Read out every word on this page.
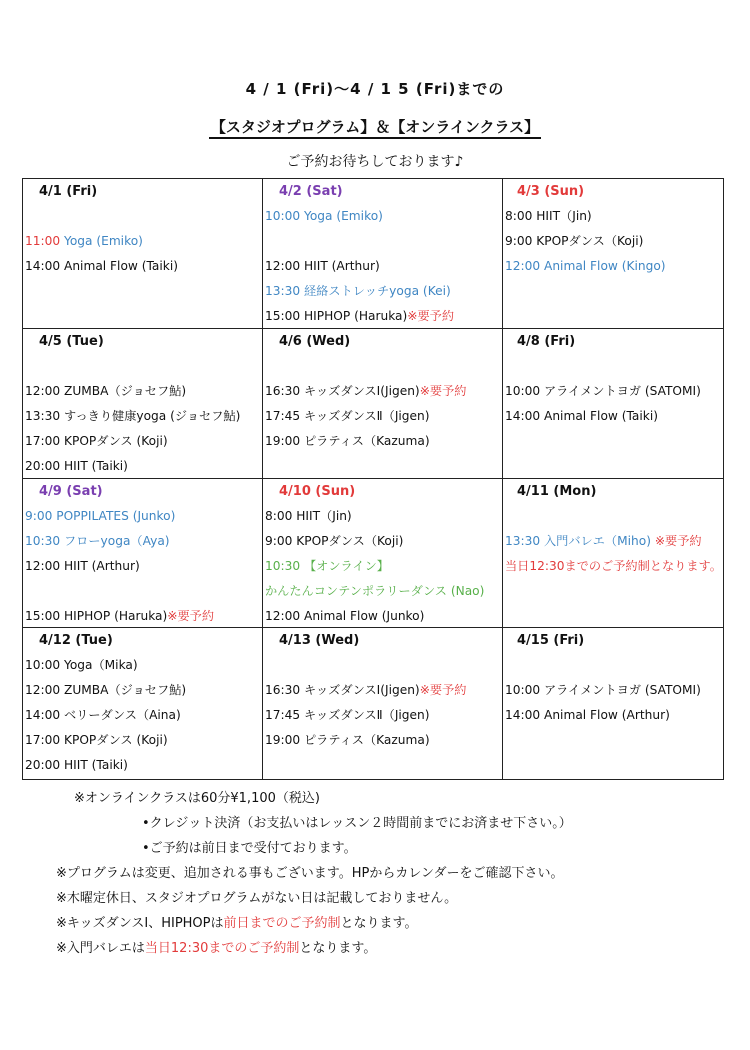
4 / 1 (Fri)～4 / 1 5 (Fri)までの
【スタジオプログラム】＆【オンラインクラス】
ご予約お待ちしております♪
4/1 (Fri)
11:00 Yoga (Emiko)
14:00 Animal Flow (Taiki)
4/2 (Sat)
10:00 Yoga (Emiko)
12:00 HIIT (Arthur)
13:30 経絡ストレッチyoga (Kei)
15:00 HIPHOP (Haruka)※要予約
4/3 (Sun)
8:00 HIIT（Jin)
9:00 KPOPダンス（Koji)
12:00 Animal Flow (Kingo)
4/5 (Tue)
12:00 ZUMBA（ジョセフ鮎)
13:30 すっきり健康yoga (ジョセフ鮎)
17:00 KPOPダンス (Koji)
20:00 HIIT (Taiki)
4/6 (Wed)
16:30 キッズダンスⅠ(Jigen)※要予約
17:45 キッズダンスⅡ（Jigen)
19:00 ピラティス（Kazuma)
4/8 (Fri)
10:00 アライメントヨガ (SATOMI)
14:00 Animal Flow (Taiki)
4/9 (Sat)
9:00 POPPILATES (Junko)
10:30 フローyoga（Aya)
12:00 HIIT (Arthur)
15:00 HIPHOP (Haruka)※要予約
4/10 (Sun)
8:00 HIIT（Jin)
9:00 KPOPダンス（Koji)
10:30 【オンライン】
かんたんコンテンポラリーダンス (Nao)
12:00 Animal Flow (Junko)
4/11 (Mon)
13:30 入門バレエ（Miho) ※要予約
当日12:30までのご予約制となります。
4/12 (Tue)
10:00 Yoga（Mika)
12:00 ZUMBA（ジョセフ鮎)
14:00 ベリーダンス（Aina)
17:00 KPOPダンス (Koji)
20:00 HIIT (Taiki)
4/13 (Wed)
16:30 キッズダンスⅠ(Jigen)※要予約
17:45 キッズダンスⅡ（Jigen)
19:00 ピラティス（Kazuma)
4/15 (Fri)
10:00 アライメントヨガ (SATOMI)
14:00 Animal Flow (Arthur)
※オンラインクラスは60分¥1,100（税込)
•クレジット決済（お支払いはレッスン２時間前までにお済ませ下さい。）
•ご予約は前日まで受付ております。
※プログラムは変更、追加される事もございます。HPからカレンダーをご確認下さい。
※木曜定休日、スタジオプログラムがない日は記載しておりません。
※キッズダンスⅠ、HIPHOPは前日までのご予約制となります。
※入門バレエは当日12:30までのご予約制となります。
